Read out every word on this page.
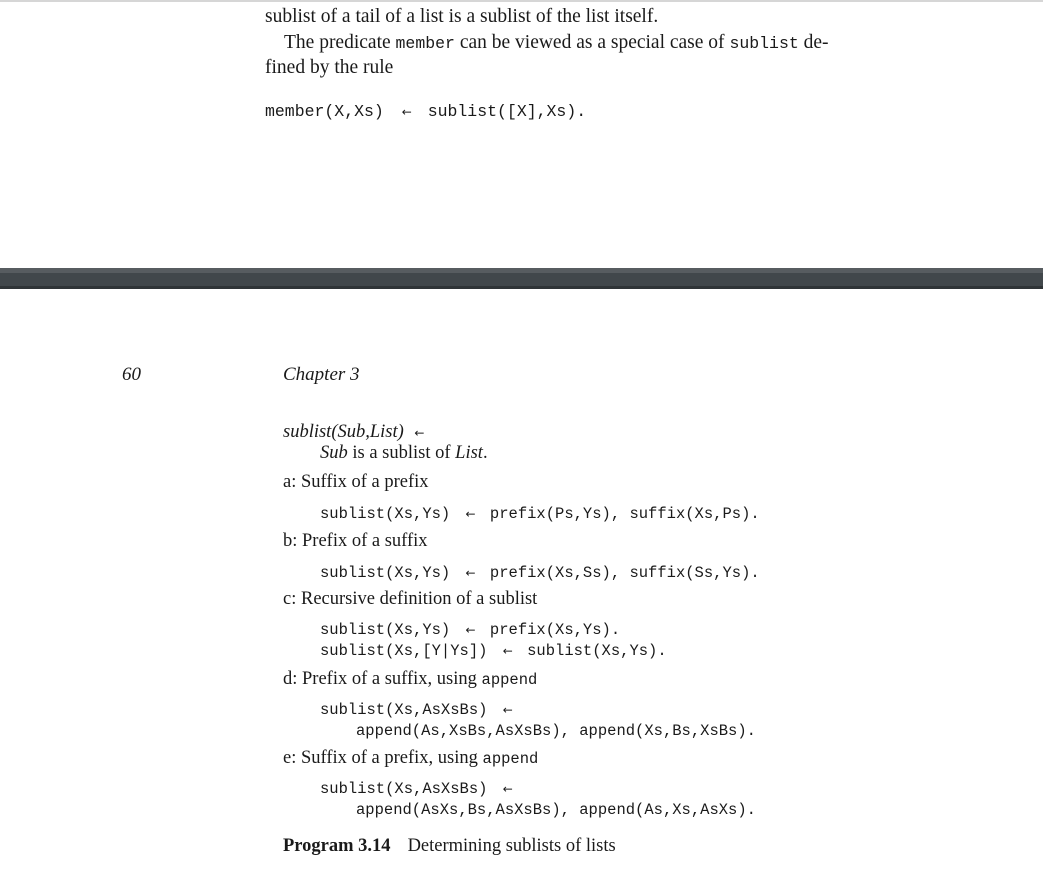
sublist of a tail of a list is a sublist of the list itself.
The predicate member can be viewed as a special case of sublist de-
fined by the rule
member(X,Xs) ← sublist([X],Xs).
60	Chapter 3
sublist(Sub,List) ←
Sub is a sublist of List.
a: Suffix of a prefix
sublist(Xs,Ys) ← prefix(Ps,Ys), suffix(Xs,Ps).
b: Prefix of a suffix
sublist(Xs,Ys) ← prefix(Xs,Ss), suffix(Ss,Ys).
c: Recursive definition of a sublist
sublist(Xs,Ys) ← prefix(Xs,Ys).
sublist(Xs,[Y|Ys]) ← sublist(Xs,Ys).
d: Prefix of a suffix, using append
sublist(Xs,AsXsBs) ←
append(As,XsBs,AsXsBs), append(Xs,Bs,XsBs).
e: Suffix of a prefix, using append
sublist(Xs,AsXsBs) ←
append(AsXs,Bs,AsXsBs), append(As,Xs,AsXs).
Program 3.14 Determining sublists of lists
